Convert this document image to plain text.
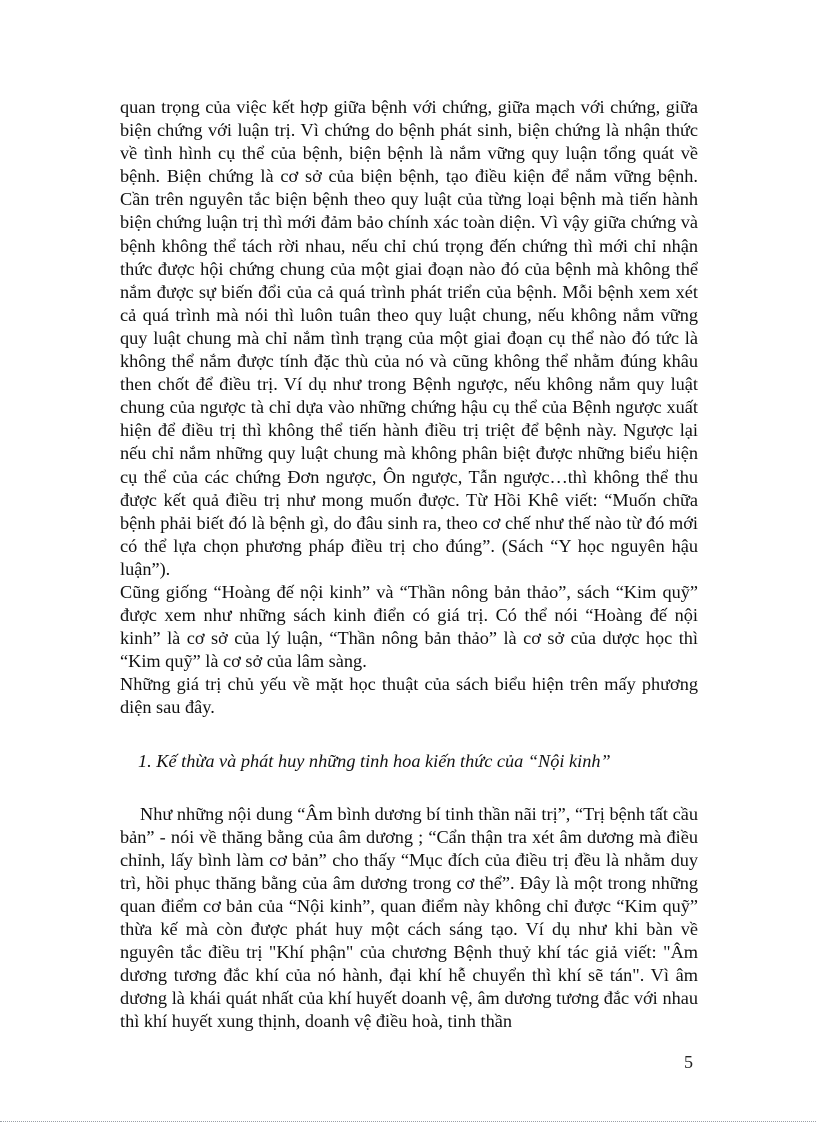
quan trọng của việc kết hợp giữa bệnh với chứng, giữa mạch với chứng, giữa biện chứng với luận trị. Vì chứng do bệnh phát sinh, biện chứng là nhận thức về tình hình cụ thể của bệnh, biện bệnh là nắm vững quy luận tổng quát về bệnh. Biện chứng là cơ sở của biện bệnh, tạo điều kiện để nắm vững bệnh. Cần trên nguyên tắc biện bệnh theo quy luật của từng loại bệnh mà tiến hành biện chứng luận trị thì mới đảm bảo chính xác toàn diện. Vì vậy giữa chứng và bệnh không thể tách rời nhau, nếu chỉ chú trọng đến chứng thì mới chỉ nhận thức được hội chứng chung của một giai đoạn nào đó của bệnh mà không thể nắm được sự biến đổi của cả quá trình phát triển của bệnh. Mỗi bệnh xem xét cả quá trình mà nói thì luôn tuân theo quy luật chung, nếu không nắm vững quy luật chung mà chỉ nắm tình trạng của một giai đoạn cụ thể nào đó tức là không thể nắm được tính đặc thù của nó và cũng không thể nhằm đúng khâu then chốt để điều trị. Ví dụ như trong Bệnh ngược, nếu không nắm quy luật chung của ngược tà chỉ dựa vào những chứng hậu cụ thể của Bệnh ngược xuất hiện để điều trị thì không thể tiến hành điều trị triệt để bệnh này. Ngược lại nếu chỉ nắm những quy luật chung mà không phân biệt được những biểu hiện cụ thể của các chứng Đơn ngược, Ôn ngược, Tẫn ngược…thì không thể thu được kết quả điều trị như mong muốn được. Từ Hồi Khê viết: “Muốn chữa bệnh phải biết đó là bệnh gì, do đâu sinh ra, theo cơ chế như thế nào từ đó mới có thể lựa chọn phương pháp điều trị cho đúng”. (Sách “Y học nguyên hậu luận”).

Cũng giống “Hoàng đế nội kinh” và “Thần nông bản thảo”, sách “Kim quỹ” được xem như những sách kinh điển có giá trị. Có thể nói “Hoàng đế nội kinh” là cơ sở của lý luận, “Thần nông bản thảo” là cơ sở của dược học thì “Kim quỹ” là cơ sở của lâm sàng.

Những giá trị chủ yếu về mặt học thuật của sách biểu hiện trên mấy phương diện sau đây.

1. Kế thừa và phát huy những tinh hoa kiến thức của “Nội kinh”

Như những nội dung “Âm bình dương bí tinh thần nãi trị”, “Trị bệnh tất cầu bản” - nói về thăng bằng của âm dương ; “Cẩn thận tra xét âm dương mà điều chỉnh, lấy bình làm cơ bản” cho thấy “Mục đích của điều trị đều là nhằm duy trì, hồi phục thăng bằng của âm dương trong cơ thể”. Đây là một trong những quan điểm cơ bản của “Nội kinh”, quan điểm này không chỉ được “Kim quỹ” thừa kế mà còn được phát huy một cách sáng tạo. Ví dụ như khi bàn về nguyên tắc điều trị "Khí phận" của chương Bệnh thuỷ khí tác giả viết: "Âm dương tương đắc khí của nó hành, đại khí hễ chuyển thì khí sẽ tán". Vì âm dương là khái quát nhất của khí huyết doanh vệ, âm dương tương đắc với nhau thì khí huyết xung thịnh, doanh vệ điều hoà, tinh thần

5
